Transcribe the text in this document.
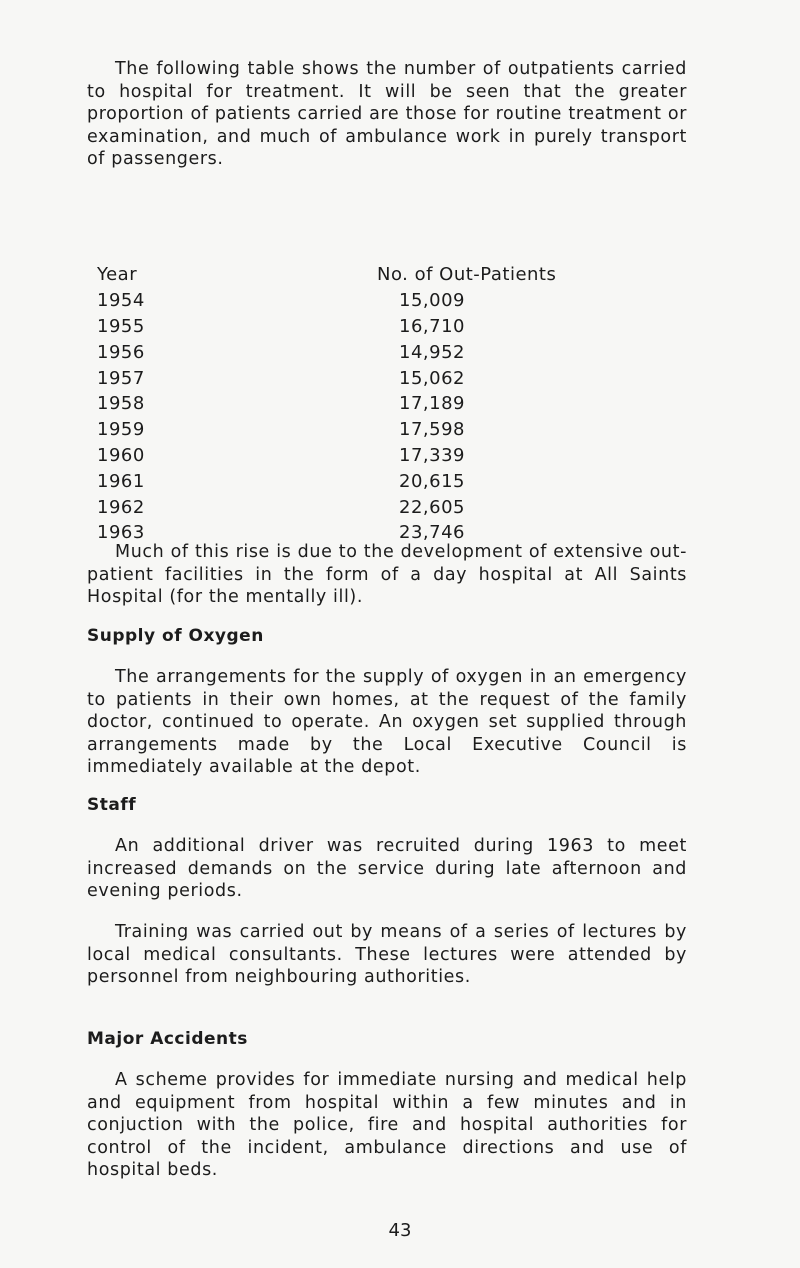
The following table shows the number of outpatients carried to hospital for treatment. It will be seen that the greater proportion of patients carried are those for routine treatment or examination, and much of ambulance work in purely transport of passengers.

Year	No. of Out-Patients
1954	15,009
1955	16,710
1956	14,952
1957	15,062
1958	17,189
1959	17,598
1960	17,339
1961	20,615
1962	22,605
1963	23,746

Much of this rise is due to the development of extensive out-patient facilities in the form of a day hospital at All Saints Hospital (for the mentally ill).

Supply of Oxygen

The arrangements for the supply of oxygen in an emergency to patients in their own homes, at the request of the family doctor, continued to operate. An oxygen set supplied through arrangements made by the Local Executive Council is immediately available at the depot.

Staff

An additional driver was recruited during 1963 to meet increased demands on the service during late afternoon and evening periods.

Training was carried out by means of a series of lectures by local medical consultants. These lectures were attended by personnel from neighbouring authorities.

Major Accidents

A scheme provides for immediate nursing and medical help and equipment from hospital within a few minutes and in conjuction with the police, fire and hospital authorities for control of the incident, ambulance directions and use of hospital beds.

43
